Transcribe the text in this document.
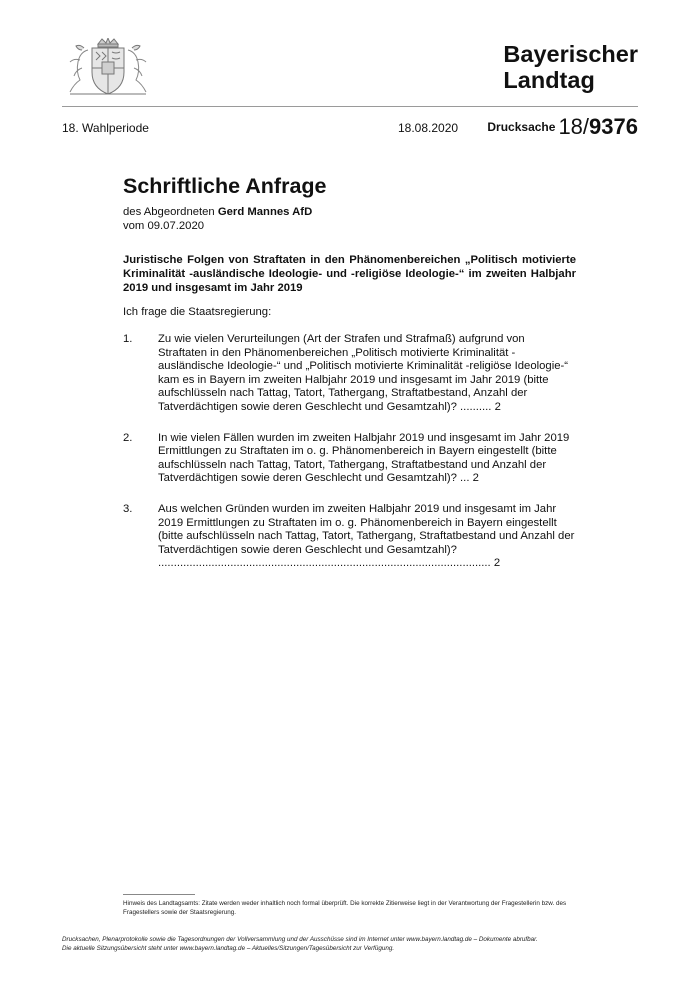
Bayerischer
Landtag
18. Wahlperiode	18.08.2020 Drucksache 18/9376
Schriftliche Anfrage
des Abgeordneten Gerd Mannes AfD
vom 09.07.2020
Juristische Folgen von Straftaten in den Phänomenbereichen „Politisch motivierte Kriminalität -ausländische Ideologie- und -religiöse Ideologie-“ im zweiten Halbjahr 2019 und insgesamt im Jahr 2019
Ich frage die Staatsregierung:
1. Zu wie vielen Verurteilungen (Art der Strafen und Strafmaß) aufgrund von Straftaten in den Phänomenbereichen „Politisch motivierte Kriminalität -ausländische Ideologie-“ und „Politisch motivierte Kriminalität -religiöse Ideologie-“ kam es in Bayern im zweiten Halbjahr 2019 und insgesamt im Jahr 2019 (bitte aufschlüsseln nach Tattag, Tatort, Tathergang, Straftatbestand, Anzahl der Tatverdächtigen sowie deren Geschlecht und Gesamtzahl)? .......... 2
2. In wie vielen Fällen wurden im zweiten Halbjahr 2019 und insgesamt im Jahr 2019 Ermittlungen zu Straftaten im o. g. Phänomenbereich in Bayern eingestellt (bitte aufschlüsseln nach Tattag, Tatort, Tathergang, Straftatbestand und Anzahl der Tatverdächtigen sowie deren Geschlecht und Gesamtzahl)? ... 2
3. Aus welchen Gründen wurden im zweiten Halbjahr 2019 und insgesamt im Jahr 2019 Ermittlungen zu Straftaten im o. g. Phänomenbereich in Bayern eingestellt (bitte aufschlüsseln nach Tattag, Tatort, Tathergang, Straftatbestand und Anzahl der Tatverdächtigen sowie deren Geschlecht und Gesamtzahl)? .......................................................................................................... 2
Hinweis des Landtagsamts: Zitate werden weder inhaltlich noch formal überprüft. Die korrekte Zitierweise liegt in der Verantwortung der Fragestellerin bzw. des Fragestellers sowie der Staatsregierung.
Drucksachen, Plenarprotokolle sowie die Tagesordnungen der Vollversammlung und der Ausschüsse sind im Internet unter www.bayern.landtag.de – Dokumente abrufbar.
Die aktuelle Sitzungsübersicht steht unter www.bayern.landtag.de – Aktuelles/Sitzungen/Tagesübersicht zur Verfügung.
